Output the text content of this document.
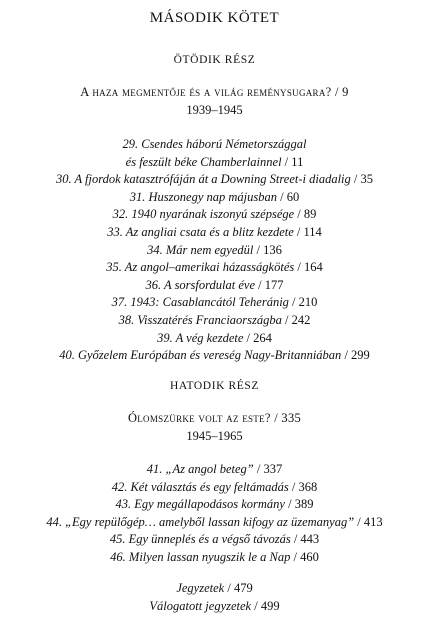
MÁSODIK KÖTET
ÖTÖDIK RÉSZ
A haza megmentője és a világ reménysugara? / 9
1939–1945
29. Csendes háború Németországgal
és feszült béke Chamberlainnel / 11
30. A fjordok katasztrófáján át a Downing Street-i diadalig / 35
31. Huszonegy nap májusban / 60
32. 1940 nyarának iszonyú szépsége / 89
33. Az angliai csata és a blitz kezdete / 114
34. Már nem egyedül / 136
35. Az angol–amerikai házasságkötés / 164
36. A sorsfordulat éve / 177
37. 1943: Casablancától Teheránig / 210
38. Visszatérés Franciaországba / 242
39. A vég kezdete / 264
40. Győzelem Európában és vereség Nagy-Britanniában / 299
HATODIK RÉSZ
Ólomszürke volt az este? / 335
1945–1965
41. „Az angol beteg” / 337
42. Két választás és egy feltámadás / 368
43. Egy megállapodásos kormány / 389
44. „Egy repülőgép… amelyből lassan kifogy az üzemanyag” / 413
45. Egy ünneplés és a végső távozás / 443
46. Milyen lassan nyugszik le a Nap / 460
Jegyzetek / 479
Válogatott jegyzetek / 499
